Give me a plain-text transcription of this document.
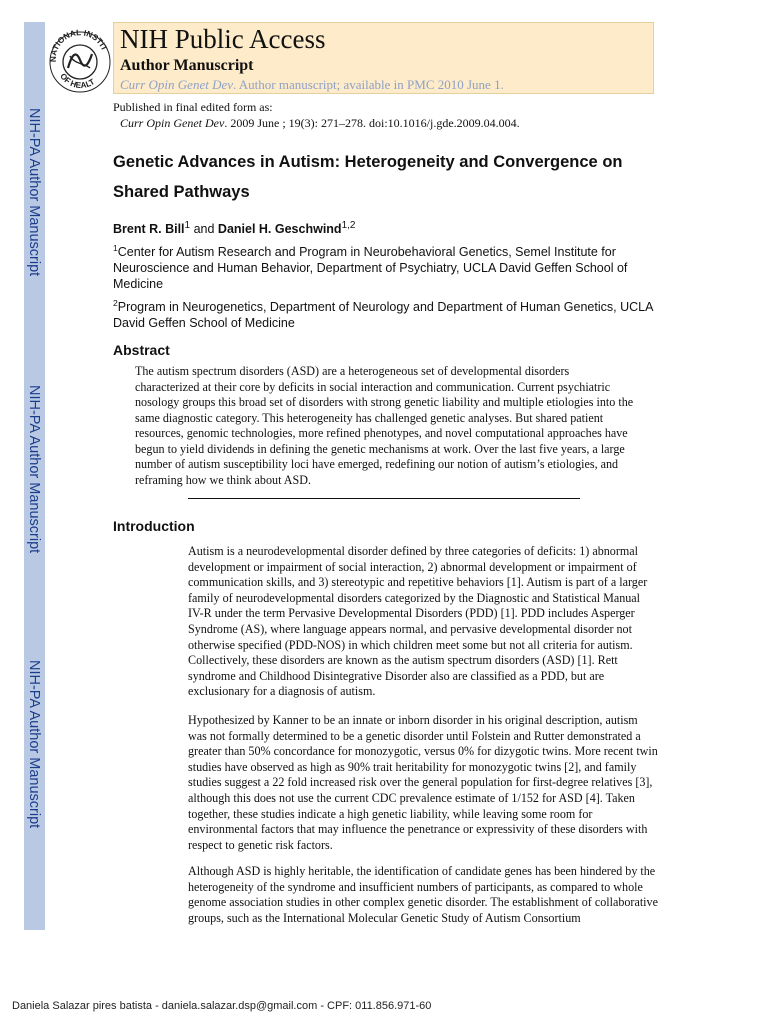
NIH-PA Author Manuscript
NIH-PA Author Manuscript
NIH-PA Author Manuscript
NATIONAL INSTIT
OF HEALT
NIH Public Access
Author Manuscript
Curr Opin Genet Dev. Author manuscript; available in PMC 2010 June 1.
Published in final edited form as:
Curr Opin Genet Dev. 2009 June ; 19(3): 271–278. doi:10.1016/j.gde.2009.04.004.
Genetic Advances in Autism: Heterogeneity and Convergence on Shared Pathways
Brent R. Bill$^1$ and Daniel H. Geschwind$^{1,2}$
$^1$Center for Autism Research and Program in Neurobehavioral Genetics, Semel Institute for Neuroscience and Human Behavior, Department of Psychiatry, UCLA David Geffen School of Medicine
$^2$Program in Neurogenetics, Department of Neurology and Department of Human Genetics, UCLA David Geffen School of Medicine
Abstract
The autism spectrum disorders (ASD) are a heterogeneous set of developmental disorders characterized at their core by deficits in social interaction and communication. Current psychiatric nosology groups this broad set of disorders with strong genetic liability and multiple etiologies into the same diagnostic category. This heterogeneity has challenged genetic analyses. But shared patient resources, genomic technologies, more refined phenotypes, and novel computational approaches have begun to yield dividends in defining the genetic mechanisms at work. Over the last five years, a large number of autism susceptibility loci have emerged, redefining our notion of autism’s etiologies, and reframing how we think about ASD.
Introduction

Autism is a neurodevelopmental disorder defined by three categories of deficits: 1) abnormal development or impairment of social interaction, 2) abnormal development or impairment of communication skills, and 3) stereotypic and repetitive behaviors [1]. Autism is part of a larger family of neurodevelopmental disorders categorized by the Diagnostic and Statistical Manual IV-R under the term Pervasive Developmental Disorders (PDD) [1]. PDD includes Asperger Syndrome (AS), where language appears normal, and pervasive developmental disorder not otherwise specified (PDD-NOS) in which children meet some but not all criteria for autism. Collectively, these disorders are known as the autism spectrum disorders (ASD) [1]. Rett syndrome and Childhood Disintegrative Disorder also are classified as a PDD, but are exclusionary for a diagnosis of autism.

Hypothesized by Kanner to be an innate or inborn disorder in his original description, autism was not formally determined to be a genetic disorder until Folstein and Rutter demonstrated a greater than 50% concordance for monozygotic, versus 0% for dizygotic twins. More recent twin studies have observed as high as 90% trait heritability for monozygotic twins [2], and family studies suggest a 22 fold increased risk over the general population for first-degree relatives [3], although this does not use the current CDC prevalence estimate of 1/152 for ASD [4]. Taken together, these studies indicate a high genetic liability, while leaving some room for environmental factors that may influence the penetrance or expressivity of these disorders with respect to genetic risk factors.

Although ASD is highly heritable, the identification of candidate genes has been hindered by the heterogeneity of the syndrome and insufficient numbers of participants, as compared to whole genome association studies in other complex genetic disorder. The establishment of collaborative groups, such as the International Molecular Genetic Study of Autism Consortium

Daniela Salazar pires batista - daniela.salazar.dsp@gmail.com - CPF: 011.856.971-60
